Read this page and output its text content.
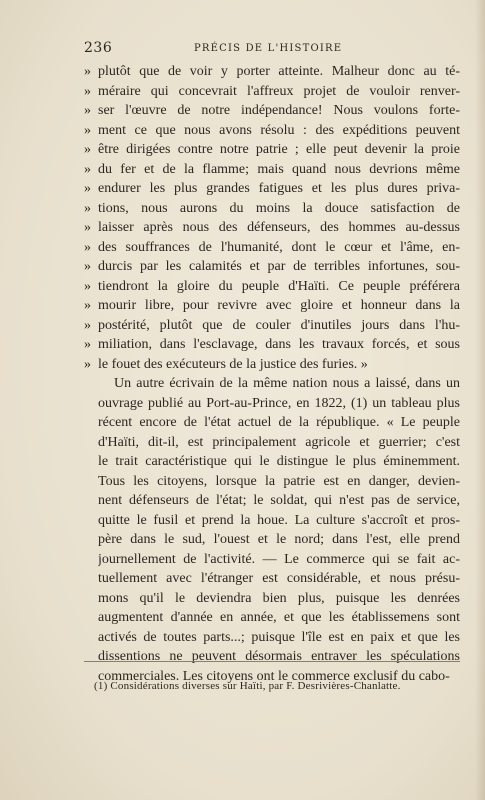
236	PRÉCIS DE L'HISTOIRE
» plutôt que de voir y porter atteinte. Malheur donc au té-
» méraire qui concevrait l'affreux projet de vouloir renver-
» ser l'œuvre de notre indépendance! Nous voulons forte-
» ment ce que nous avons résolu : des expéditions peuvent
» être dirigées contre notre patrie ; elle peut devenir la proie
» du fer et de la flamme; mais quand nous devrions même
» endurer les plus grandes fatigues et les plus dures priva-
» tions, nous aurons du moins la douce satisfaction de
» laisser après nous des défenseurs, des hommes au-dessus
» des souffrances de l'humanité, dont le cœur et l'âme, en-
» durcis par les calamités et par de terribles infortunes, sou-
» tiendront la gloire du peuple d'Haïti. Ce peuple préférera
» mourir libre, pour revivre avec gloire et honneur dans la
» postérité, plutôt que de couler d'inutiles jours dans l'hu-
» miliation, dans l'esclavage, dans les travaux forcés, et sous
» le fouet des exécuteurs de la justice des furies. »
Un autre écrivain de la même nation nous a laissé, dans un
ouvrage publié au Port-au-Prince, en 1822, (1) un tableau plus
récent encore de l'état actuel de la république. « Le peuple
d'Haïti, dit-il, est principalement agricole et guerrier; c'est
le trait caractéristique qui le distingue le plus éminemment.
Tous les citoyens, lorsque la patrie est en danger, devien-
nent défenseurs de l'état; le soldat, qui n'est pas de service,
quitte le fusil et prend la houe. La culture s'accroît et pros-
père dans le sud, l'ouest et le nord; dans l'est, elle prend
journellement de l'activité. — Le commerce qui se fait ac-
tuellement avec l'étranger est considérable, et nous présu-
mons qu'il le deviendra bien plus, puisque les denrées
augmentent d'année en année, et que les établissemens sont
activés de toutes parts...; puisque l'île est en paix et que les
dissentions ne peuvent désormais entraver les spéculations
commerciales. Les citoyens ont le commerce exclusif du cabo-
(1) Considérations diverses sur Haïti, par F. Desrivières-Chanlatte.
